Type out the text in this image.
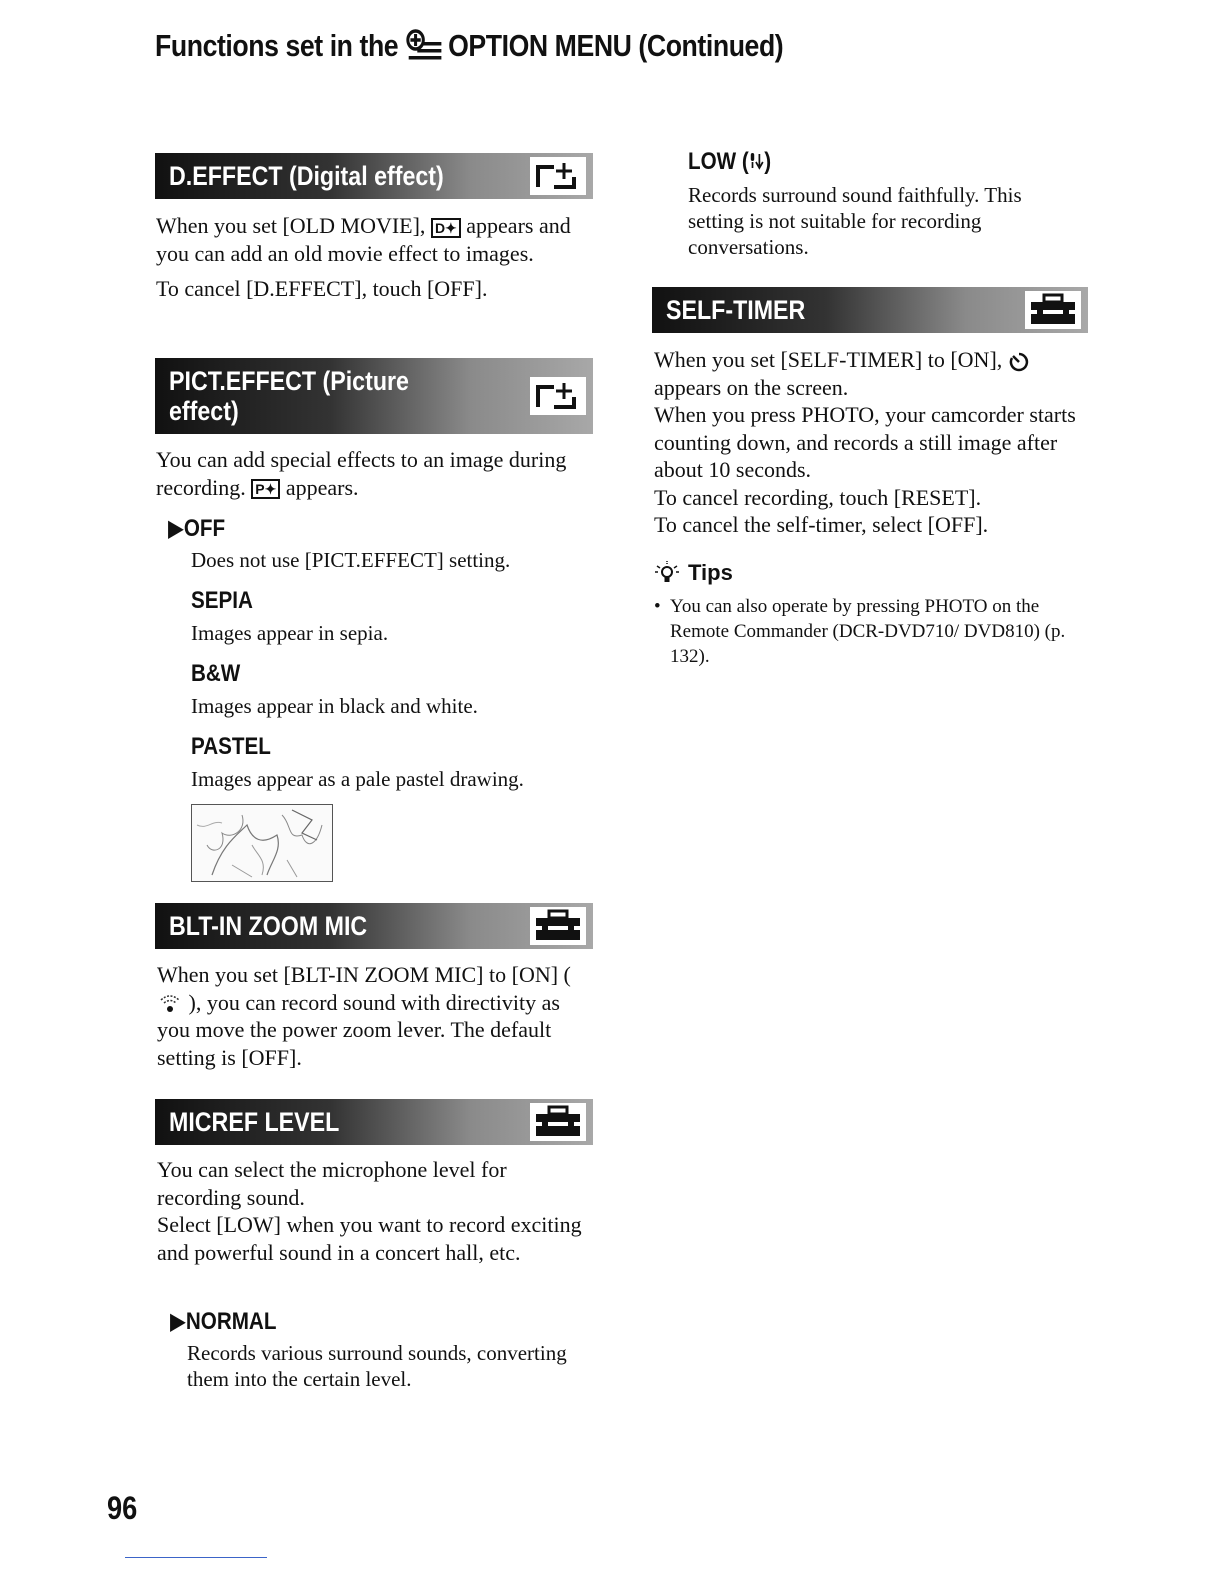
Functions set in the OPTION MENU (Continued)
D.EFFECT (Digital effect)

When you set [OLD MOVIE], D✦ appears and you can add an old movie effect to images.

To cancel [D.EFFECT], touch [OFF].

PICT.EFFECT (Picture
effect)

You can add special effects to an image during recording. P✦ appears.

▶OFF
Does not use [PICT.EFFECT] setting.
SEPIA
Images appear in sepia.
B&W
Images appear in black and white.
PASTEL
Images appear as a pale pastel drawing.
BLT-IN ZOOM MIC

When you set [BLT-IN ZOOM MIC] to [ON] (  ), you can record sound with directivity as you move the power zoom lever. The default setting is [OFF].

MICREF LEVEL

You can select the microphone level for recording sound.

Select [LOW] when you want to record exciting and powerful sound in a concert hall, etc.

▶NORMAL
Records various surround sounds, converting them into the certain level.
LOW ( )
Records surround sound faithfully. This setting is not suitable for recording conversations.
SELF-TIMER

When you set [SELF-TIMER] to [ON],  appears on the screen.

When you press PHOTO, your camcorder starts counting down, and records a still image after about 10 seconds.

To cancel recording, touch [RESET].

To cancel the self-timer, select [OFF].

Tips
• You can also operate by pressing PHOTO on the Remote Commander (DCR-DVD710/ DVD810) (p. 132).
96
